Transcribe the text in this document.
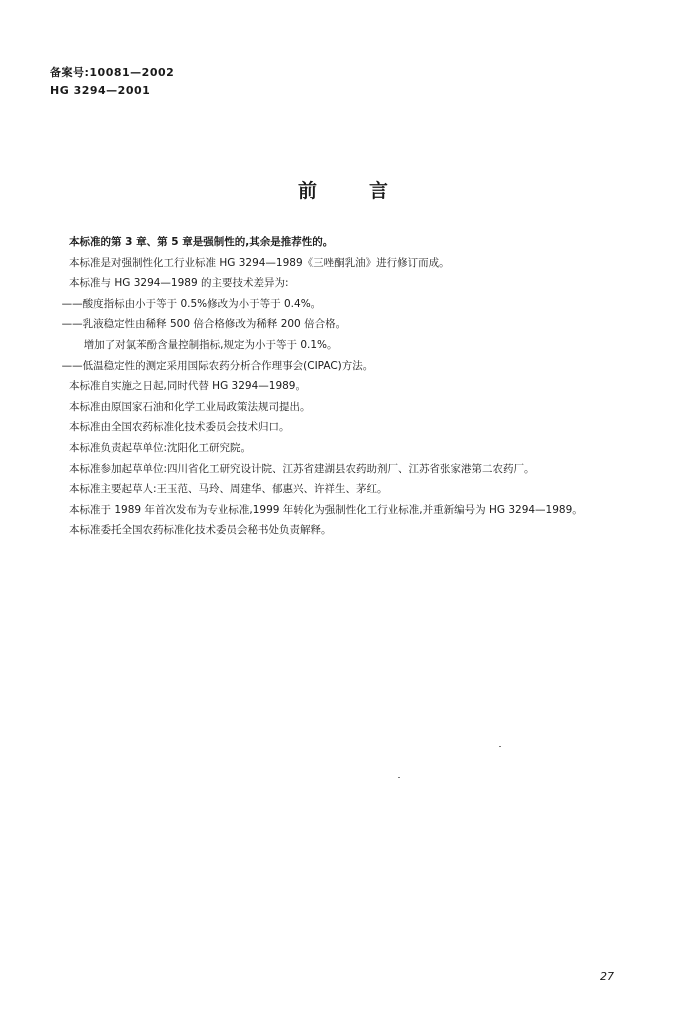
备案号:10081—2002
HG 3294—2001
前言

本标准的第 3 章、第 5 章是强制性的,其余是推荐性的。

本标准是对强制性化工行业标准 HG 3294—1989《三唑酮乳油》进行修订而成。

本标准与 HG 3294—1989 的主要技术差异为:

——酸度指标由小于等于 0.5%修改为小于等于 0.4%。

——乳液稳定性由稀释 500 倍合格修改为稀释 200 倍合格。

增加了对氯苯酚含量控制指标,规定为小于等于 0.1%。

——低温稳定性的测定采用国际农药分析合作理事会(CIPAC)方法。

本标准自实施之日起,同时代替 HG 3294—1989。

本标准由原国家石油和化学工业局政策法规司提出。

本标准由全国农药标准化技术委员会技术归口。

本标准负责起草单位:沈阳化工研究院。

本标准参加起草单位:四川省化工研究设计院、江苏省建湖县农药助剂厂、江苏省张家港第二农药厂。

本标准主要起草人:王玉范、马玲、周建华、郁惠兴、许祥生、茅红。

本标准于 1989 年首次发布为专业标准,1999 年转化为强制性化工行业标准,并重新编号为 HG 3294—1989。

本标准委托全国农药标准化技术委员会秘书处负责解释。

27
